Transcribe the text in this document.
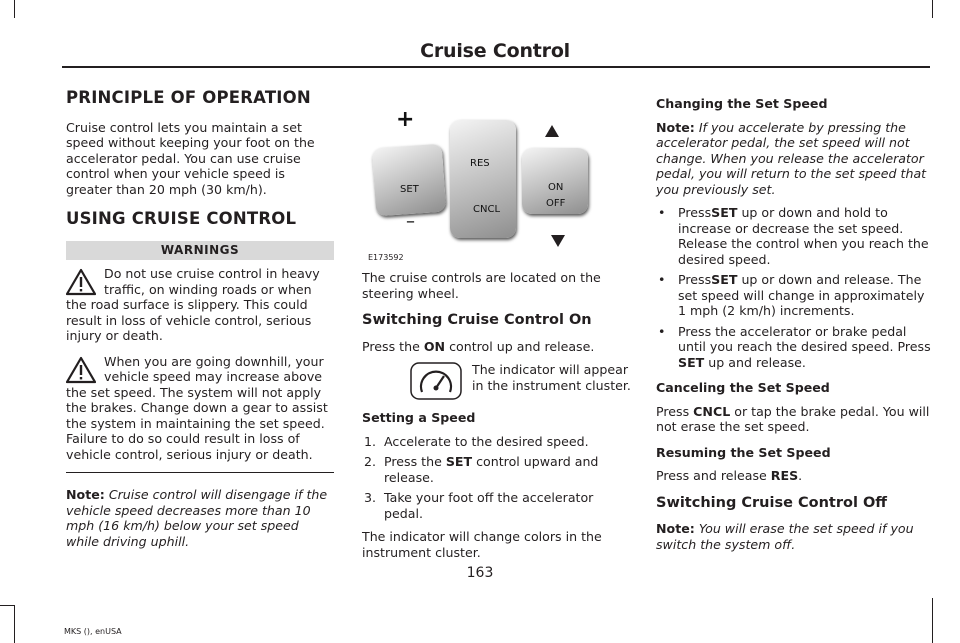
Cruise Control
PRINCIPLE OF OPERATION

Cruise control lets you maintain a set speed without keeping your foot on the accelerator pedal. You can use cruise control when your vehicle speed is greater than 20 mph (30 km/h).

USING CRUISE CONTROL
WARNINGS
Do not use cruise control in heavy traffic, on winding roads or when the road surface is slippery. This could result in loss of vehicle control, serious injury or death.
When you are going downhill, your vehicle speed may increase above the set speed. The system will not apply the brakes. Change down a gear to assist the system in maintaining the set speed. Failure to do so could result in loss of vehicle control, serious injury or death.

Note: Cruise control will disengage if the vehicle speed decreases more than 10 mph (16 km/h) below your set speed while driving uphill.

+
SET
–
RES
CNCL
ON
OFF
E173592

The cruise controls are located on the steering wheel.

Switching Cruise Control On

Press the ON control up and release.

The indicator will appear in the instrument cluster.
Setting a Speed
1. Accelerate to the desired speed.
2. Press the SET control upward and release.
3. Take your foot off the accelerator pedal.

The indicator will change colors in the instrument cluster.

Changing the Set Speed

Note: If you accelerate by pressing the accelerator pedal, the set speed will not change. When you release the accelerator pedal, you will return to the set speed that you previously set.

• PressSET up or down and hold to increase or decrease the set speed. Release the control when you reach the desired speed.
• PressSET up or down and release. The set speed will change in approximately 1 mph (2 km/h) increments.
• Press the accelerator or brake pedal until you reach the desired speed. Press SET up and release.
Canceling the Set Speed

Press CNCL or tap the brake pedal. You will not erase the set speed.

Resuming the Set Speed

Press and release RES.

Switching Cruise Control Off

Note: You will erase the set speed if you switch the system off.

163
MKS (), enUSA
